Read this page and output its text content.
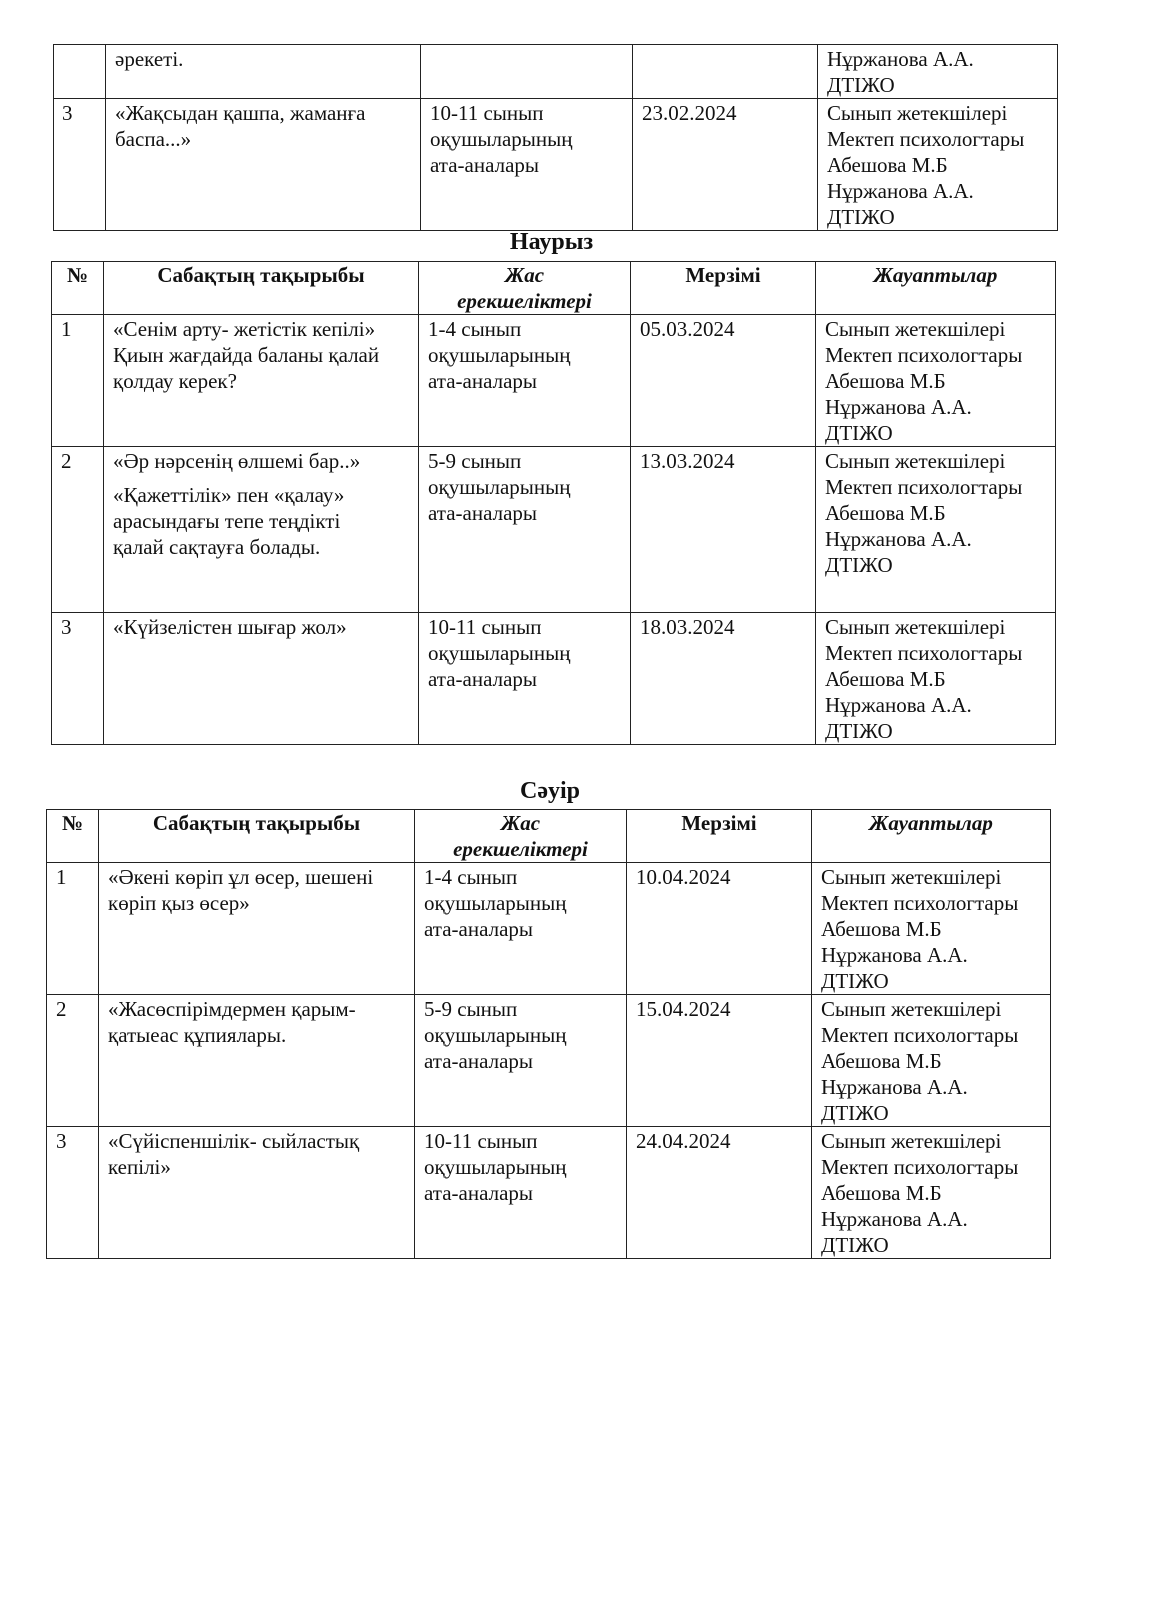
	әрекеті.			Нұржанова А.А.
ДТІЖО

3	«Жақсыдан қашпа, жаманға
баспа...»	10-11 сынып
оқушыларының
ата-аналары	23.02.2024	Сынып жетекшілері
Мектеп психологтары
Абешова М.Б
Нұржанова А.А.
ДТІЖО
Наурыз
№	Сабақтың тақырыбы	Жас
ерекшеліктері	Мерзімі	Жауаптылар
1	«Сенім арту- жетістік кепілі»
Қиын жағдайда баланы қалай
қолдау керек?	1-4 сынып
оқушыларының
ата-аналары	05.03.2024	Сынып жетекшілері
Мектеп психологтары
Абешова М.Б
Нұржанова А.А.
ДТІЖО

2	«Әр нәрсенің өлшемі бар..»
«Қажеттілік» пен «қалау»
арасындағы тепе теңдікті
қалай сақтауға болады.	5-9 сынып
оқушыларының
ата-аналары	13.03.2024	Сынып жетекшілері
Мектеп психологтары
Абешова М.Б
Нұржанова А.А.
ДТІЖО

3	«Күйзелістен шығар жол»	10-11 сынып
оқушыларының
ата-аналары	18.03.2024	Сынып жетекшілері
Мектеп психологтары
Абешова М.Б
Нұржанова А.А.
ДТІЖО
Сәуір
№	Сабақтың тақырыбы	Жас
ерекшеліктері	Мерзімі	Жауаптылар
1	«Әкені көріп ұл өсер, шешені
көріп қыз өсер»	1-4 сынып
оқушыларының
ата-аналары	10.04.2024	Сынып жетекшілері
Мектеп психологтары
Абешова М.Б
Нұржанова А.А.
ДТІЖО

2	«Жасөспірімдермен қарым-
қатыеас құпиялары.	5-9 сынып
оқушыларының
ата-аналары	15.04.2024	Сынып жетекшілері
Мектеп психологтары
Абешова М.Б
Нұржанова А.А.
ДТІЖО

3	«Сүйіспеншілік- сыйластық
кепілі»	10-11 сынып
оқушыларының
ата-аналары	24.04.2024	Сынып жетекшілері
Мектеп психологтары
Абешова М.Б
Нұржанова А.А.
ДТІЖО
